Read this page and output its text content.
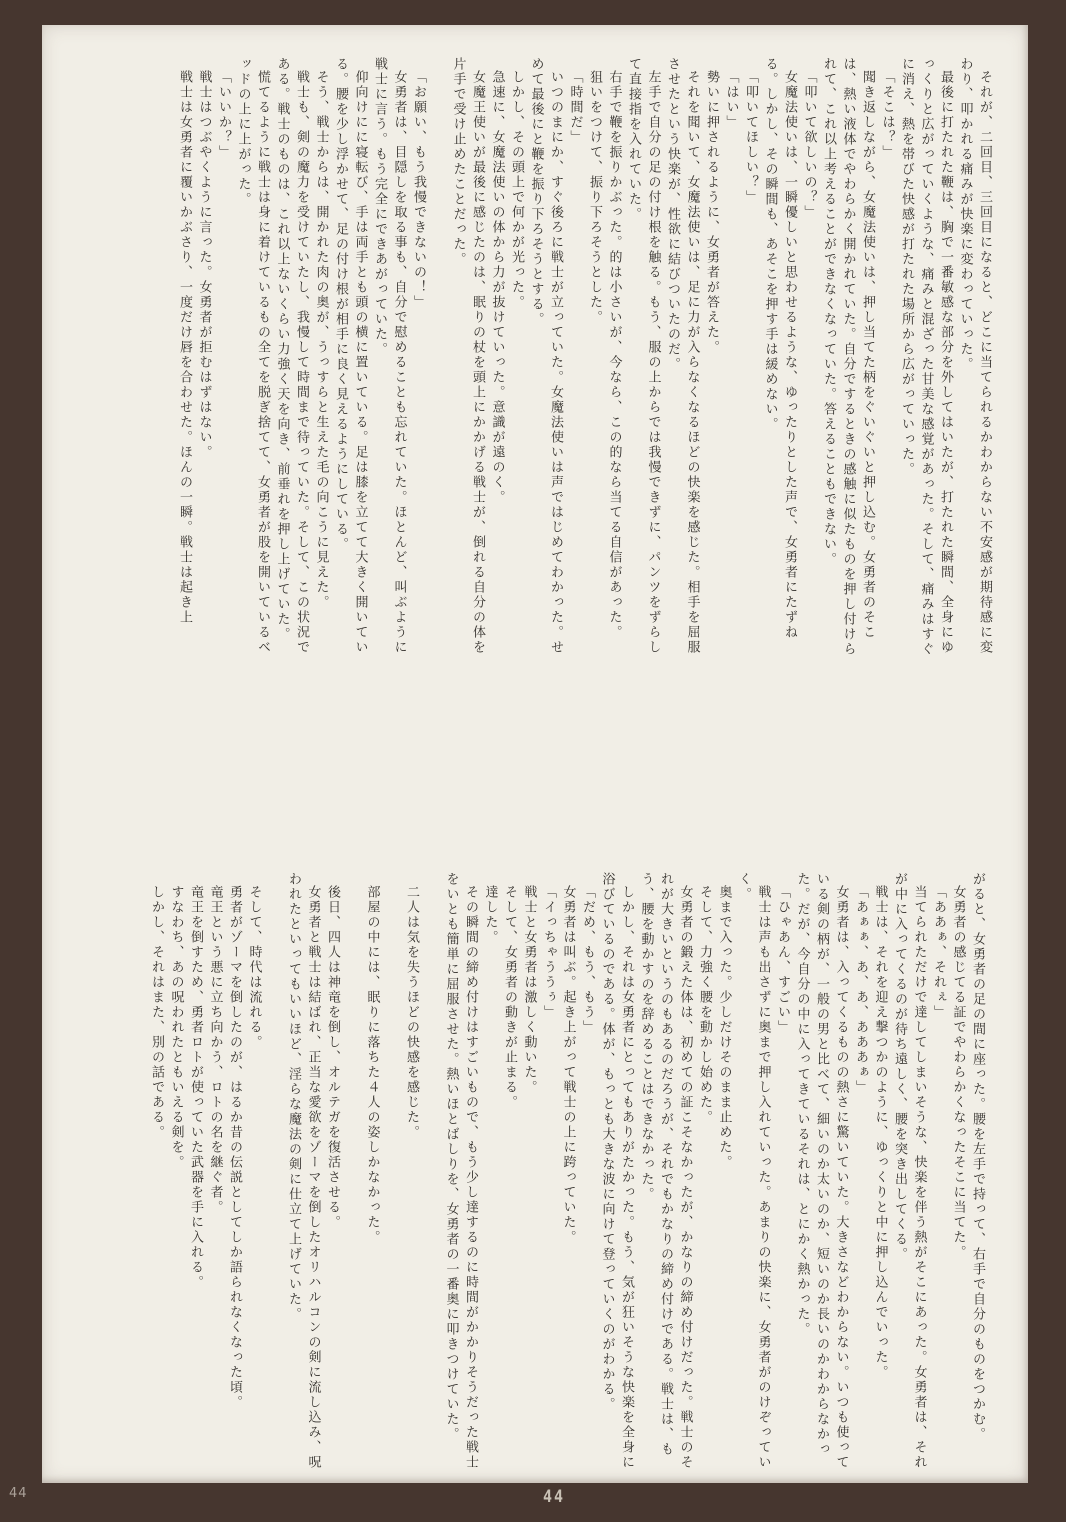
それが、二回目、三回目になると、どこに当てられるかわからない不安感が期待感に変わり、叩かれる痛みが快楽に変わっていった。

最後に打たれた鞭は、胸で一番敏感な部分を外してはいたが、打たれた瞬間、全身にゆっくりと広がっていくような、痛みと混ざった甘美な感覚があった。そして、痛みはすぐに消え、熱を帯びた快感が打たれた場所から広がっていった。

「そこは？」

聞き返しながら、女魔法使いは、押し当てた柄をぐいぐいと押し込む。女勇者のそこは、熱い液体でやわらかく開かれていた。自分でするときの感触に似たものを押し付けられて、これ以上考えることができなくなっていた。答えることもできない。

「叩いて欲しいの？」

女魔法使いは、一瞬優しいと思わせるような、ゆったりとした声で、女勇者にたずねる。しかし、その瞬間も、あそこを押す手は緩めない。

「叩いてほしい？」

「はい」

勢いに押されるように、女勇者が答えた。

それを聞いて、女魔法使いは、足に力が入らなくなるほどの快楽を感じた。相手を屈服させたという快楽が、性欲に結びついたのだ。

左手で自分の足の付け根を触る。もう、服の上からでは我慢できずに、パンツをずらして直接指を入れていた。

右手で鞭を振りかぶった。的は小さいが、今なら、この的なら当てる自信があった。

狙いをつけて、振り下ろそうとした。

「時間だ」

いつのまにか、すぐ後ろに戦士が立っていた。女魔法使いは声ではじめてわかった。せめて最後にと鞭を振り下ろそうとする。

しかし、その頭上で何かが光った。

急速に、女魔法使いの体から力が抜けていった。意識が遠のく。

女魔王使いが最後に感じたのは、眠りの杖を頭上にかかげる戦士が、倒れる自分の体を片手で受け止めたことだった。

「お願い、もう我慢できないの！」

女勇者は、目隠しを取る事も、自分で慰めることも忘れていた。ほとんど、叫ぶように戦士に言う。もう完全にできあがっていた。

仰向けにに寝転び、手は両手とも頭の横に置いている。足は膝を立てて大きく開いている。腰を少し浮かせて、足の付け根が相手に良く見えるようにしている。

そう、戦士からは、開かれた肉の奥が、うっすらと生えた毛の向こうに見えた。

戦士も、剣の魔力を受けていたし、我慢して時間まで待っていた。そして、この状況である。戦士のものは、これ以上ないくらい力強く天を向き、前垂れを押し上げていた。

慌てるように戦士は身に着けているもの全てを脱ぎ捨てて、女勇者が股を開いているベッドの上に上がった。

「いいか？」

戦士はつぶやくように言った。女勇者が拒むはずはない。

戦士は女勇者に覆いかぶさり、一度だけ唇を合わせた。ほんの一瞬。戦士は起き上

がると、女勇者の足の間に座った。腰を左手で持って、右手で自分のものをつかむ。

女勇者の感じてる証でやわらかくなったそこに当てた。

「ああぁ、それぇ」

当てられただけで達してしまいそうな、快楽を伴う熱がそこにあった。女勇者は、それが中に入ってくるのが待ち遠しく、腰を突き出してくる。

戦士は、それを迎え撃つかのように、ゆっくりと中に押し込んでいった。

「あぁぁ、あ、あ、あああぁ」

女勇者は、入ってくるものの熱さに驚いていた。大きさなどわからない。いつも使っている剣の柄が、一般の男と比べて、細いのか太いのか、短いのか長いのかわからなかった。だが、今自分の中に入ってきているそれは、とにかく熱かった。

「ひゃあん、すごい」

戦士は声も出さずに奥まで押し入れていった。あまりの快楽に、女勇者がのけぞっていく。

奥まで入った。少しだけそのまま止めた。

そして、力強く腰を動かし始めた。

女勇者の鍛えた体は、初めての証こそなかったが、かなりの締め付けだった。戦士のそれが大きいというのもあるのだろうが、それでもかなりの締め付けである。戦士は、もう、腰を動かすのを辞めることはできなかった。

しかし、それは女勇者にとってもありがたかった。もう、気が狂いそうな快楽を全身に浴びているのである。体が、もっとも大きな波に向けて登っていくのがわかる。

「だめ、もう、もう」

女勇者は叫ぶ。起き上がって戦士の上に跨っていた。

「イっちゃううぅ」

戦士と女勇者は激しく動いた。

そして、女勇者の動きが止まる。

達した。

その瞬間の締め付けはすごいもので、もう少し達するのに時間がかかりそうだった戦士をいとも簡単に屈服させた。熱いほとばしりを、女勇者の一番奥に叩きつけていた。

二人は気を失うほどの快感を感じた。

部屋の中には、眠りに落ちた４人の姿しかなかった。

後日、四人は神竜を倒し、オルテガを復活させる。

女勇者と戦士は結ばれ、正当な愛欲をゾーマを倒したオリハルコンの剣に流し込み、呪われたといってもいいほど、淫らな魔法の剣に仕立て上げていた。

そして、時代は流れる。

勇者がゾーマを倒したのが、はるか昔の伝説としてしか語られなくなった頃。

竜王という悪に立ち向かう、ロトの名を継ぐ者。

竜王を倒すため、勇者ロトが使っていた武器を手に入れる。

すなわち、あの呪われたともいえる剣を。

しかし、それはまた、別の話である。

44	44
